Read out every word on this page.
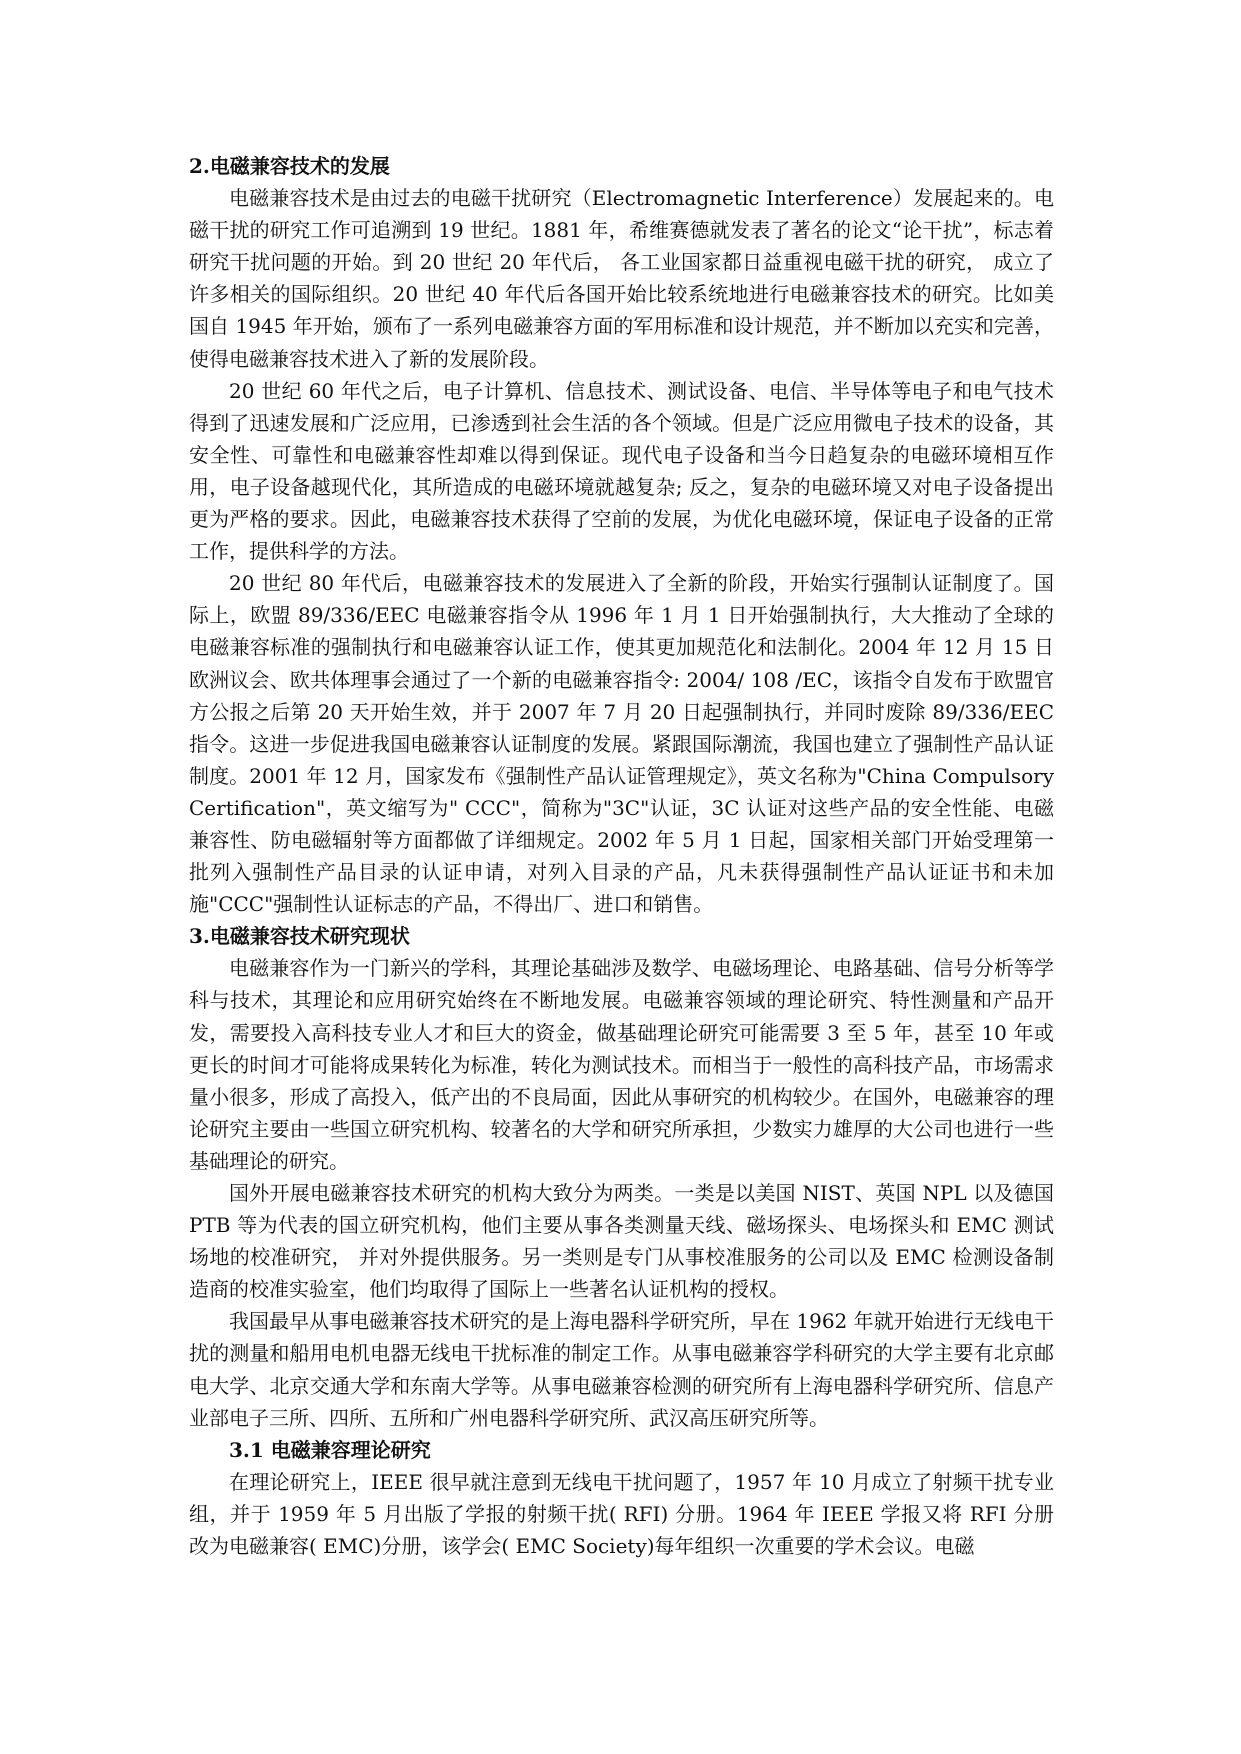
2.电磁兼容技术的发展

电磁兼容技术是由过去的电磁干扰研究（Electromagnetic Interference）发展起来的。电磁干扰的研究工作可追溯到 19 世纪。1881 年，希维赛德就发表了著名的论文“论干扰”，标志着研究干扰问题的开始。到 20 世纪 20 年代后， 各工业国家都日益重视电磁干扰的研究， 成立了许多相关的国际组织。20 世纪 40 年代后各国开始比较系统地进行电磁兼容技术的研究。比如美国自 1945 年开始，颁布了一系列电磁兼容方面的军用标准和设计规范，并不断加以充实和完善，使得电磁兼容技术进入了新的发展阶段。

20 世纪 60 年代之后，电子计算机、信息技术、测试设备、电信、半导体等电子和电气技术得到了迅速发展和广泛应用，已渗透到社会生活的各个领域。但是广泛应用微电子技术的设备，其安全性、可靠性和电磁兼容性却难以得到保证。现代电子设备和当今日趋复杂的电磁环境相互作用，电子设备越现代化，其所造成的电磁环境就越复杂; 反之，复杂的电磁环境又对电子设备提出更为严格的要求。因此，电磁兼容技术获得了空前的发展，为优化电磁环境，保证电子设备的正常工作，提供科学的方法。

20 世纪 80 年代后，电磁兼容技术的发展进入了全新的阶段，开始实行强制认证制度了。国际上，欧盟 89/336/EEC 电磁兼容指令从 1996 年 1 月 1 日开始强制执行，大大推动了全球的电磁兼容标准的强制执行和电磁兼容认证工作，使其更加规范化和法制化。2004 年 12 月 15 日欧洲议会、欧共体理事会通过了一个新的电磁兼容指令: 2004/ 108 /EC，该指令自发布于欧盟官方公报之后第 20 天开始生效，并于 2007 年 7 月 20 日起强制执行，并同时废除 89/336/EEC 指令。这进一步促进我国电磁兼容认证制度的发展。紧跟国际潮流，我国也建立了强制性产品认证制度。2001 年 12 月，国家发布《强制性产品认证管理规定》，英文名称为"China Compulsory Certification"，英文缩写为" CCC"，简称为"3C"认证，3C 认证对这些产品的安全性能、电磁兼容性、防电磁辐射等方面都做了详细规定。2002 年 5 月 1 日起，国家相关部门开始受理第一批列入强制性产品目录的认证申请，对列入目录的产品，凡未获得强制性产品认证证书和未加施"CCC"强制性认证标志的产品，不得出厂、进口和销售。

3.电磁兼容技术研究现状

电磁兼容作为一门新兴的学科，其理论基础涉及数学、电磁场理论、电路基础、信号分析等学科与技术，其理论和应用研究始终在不断地发展。电磁兼容领域的理论研究、特性测量和产品开发，需要投入高科技专业人才和巨大的资金，做基础理论研究可能需要 3 至 5 年，甚至 10 年或更长的时间才可能将成果转化为标准，转化为测试技术。而相当于一般性的高科技产品，市场需求量小很多，形成了高投入，低产出的不良局面，因此从事研究的机构较少。在国外，电磁兼容的理论研究主要由一些国立研究机构、较著名的大学和研究所承担，少数实力雄厚的大公司也进行一些基础理论的研究。

国外开展电磁兼容技术研究的机构大致分为两类。一类是以美国 NIST、英国 NPL 以及德国 PTB 等为代表的国立研究机构，他们主要从事各类测量天线、磁场探头、电场探头和 EMC 测试场地的校准研究， 并对外提供服务。另一类则是专门从事校准服务的公司以及 EMC 检测设备制造商的校准实验室，他们均取得了国际上一些著名认证机构的授权。

我国最早从事电磁兼容技术研究的是上海电器科学研究所，早在 1962 年就开始进行无线电干扰的测量和船用电机电器无线电干扰标准的制定工作。从事电磁兼容学科研究的大学主要有北京邮电大学、北京交通大学和东南大学等。从事电磁兼容检测的研究所有上海电器科学研究所、信息产业部电子三所、四所、五所和广州电器科学研究所、武汉高压研究所等。

3.1 电磁兼容理论研究

在理论研究上，IEEE 很早就注意到无线电干扰问题了，1957 年 10 月成立了射频干扰专业组，并于 1959 年 5 月出版了学报的射频干扰( RFI) 分册。1964 年 IEEE 学报又将 RFI 分册改为电磁兼容( EMC)分册，该学会( EMC Society)每年组织一次重要的学术会议。电磁
